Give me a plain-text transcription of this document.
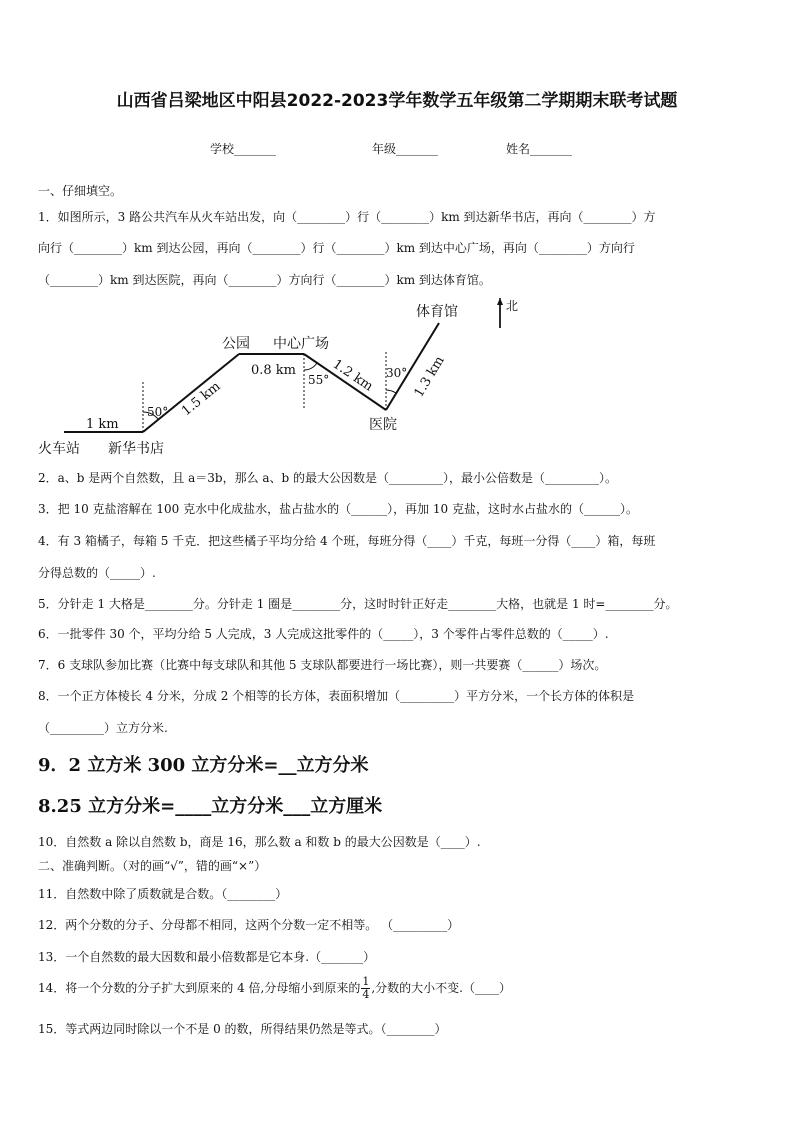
山西省吕梁地区中阳县2022-2023学年数学五年级第二学期期末联考试题
学校_______	年级_______	姓名_______
一、仔细填空。
1．如图所示，3 路公共汽车从火车站出发，向（________）行（________）km 到达新华书店，再向（________）方
向行（________）km 到达公园，再向（________）行（________）km 到达中心广场，再向（________）方向行
（________）km 到达医院，再向（________）方向行（________）km 到达体育馆。
北
体育馆
公园 中心广场
医院
火车站 新华书店
1 km
1.5 km
0.8 km	1.2 km	1.3 km
50°
55°	30°
2．a、b 是两个自然数，且 a＝3b，那么 a、b 的最大公因数是（_________），最小公倍数是（_________）。
3．把 10 克盐溶解在 100 克水中化成盐水，盐占盐水的（______），再加 10 克盐，这时水占盐水的（______）。
4．有 3 箱橘子，每箱 5 千克．把这些橘子平均分给 4 个班，每班分得（____）千克，每班一分得（____）箱，每班
分得总数的（_____）.
5．分针走 1 大格是________分。分针走 1 圈是________分，这时时针正好走________大格，也就是 1 时=________分。
6．一批零件 30 个，平均分给 5 人完成，3 人完成这批零件的（_____），3 个零件占零件总数的（_____）.
7．6 支球队参加比赛（比赛中每支球队和其他 5 支球队都要进行一场比赛），则一共要赛（______）场次。
8．一个正方体棱长 4 分米，分成 2 个相等的长方体，表面积增加（_________）平方分米，一个长方体的体积是
（_________）立方分米.
9．2 立方米 300 立方分米=__立方分米
8.25 立方分米=____立方分米___立方厘米
10．自然数 a 除以自然数 b，商是 16，那么数 a 和数 b 的最大公因数是（____）.
二、准确判断。（对的画“√”，错的画“×”）
11．自然数中除了质数就是合数。（________）
12．两个分数的分子、分母都不相同，这两个分数一定不相等。 （_________）
13．一个自然数的最大因数和最小倍数都是它本身.（_______）
14．将一个分数的分子扩大到原来的 4 倍,分母缩小到原来的 $\frac{1}{4}$ ,分数的大小不变.（____）
15．等式两边同时除以一个不是 0 的数，所得结果仍然是等式。（________）
